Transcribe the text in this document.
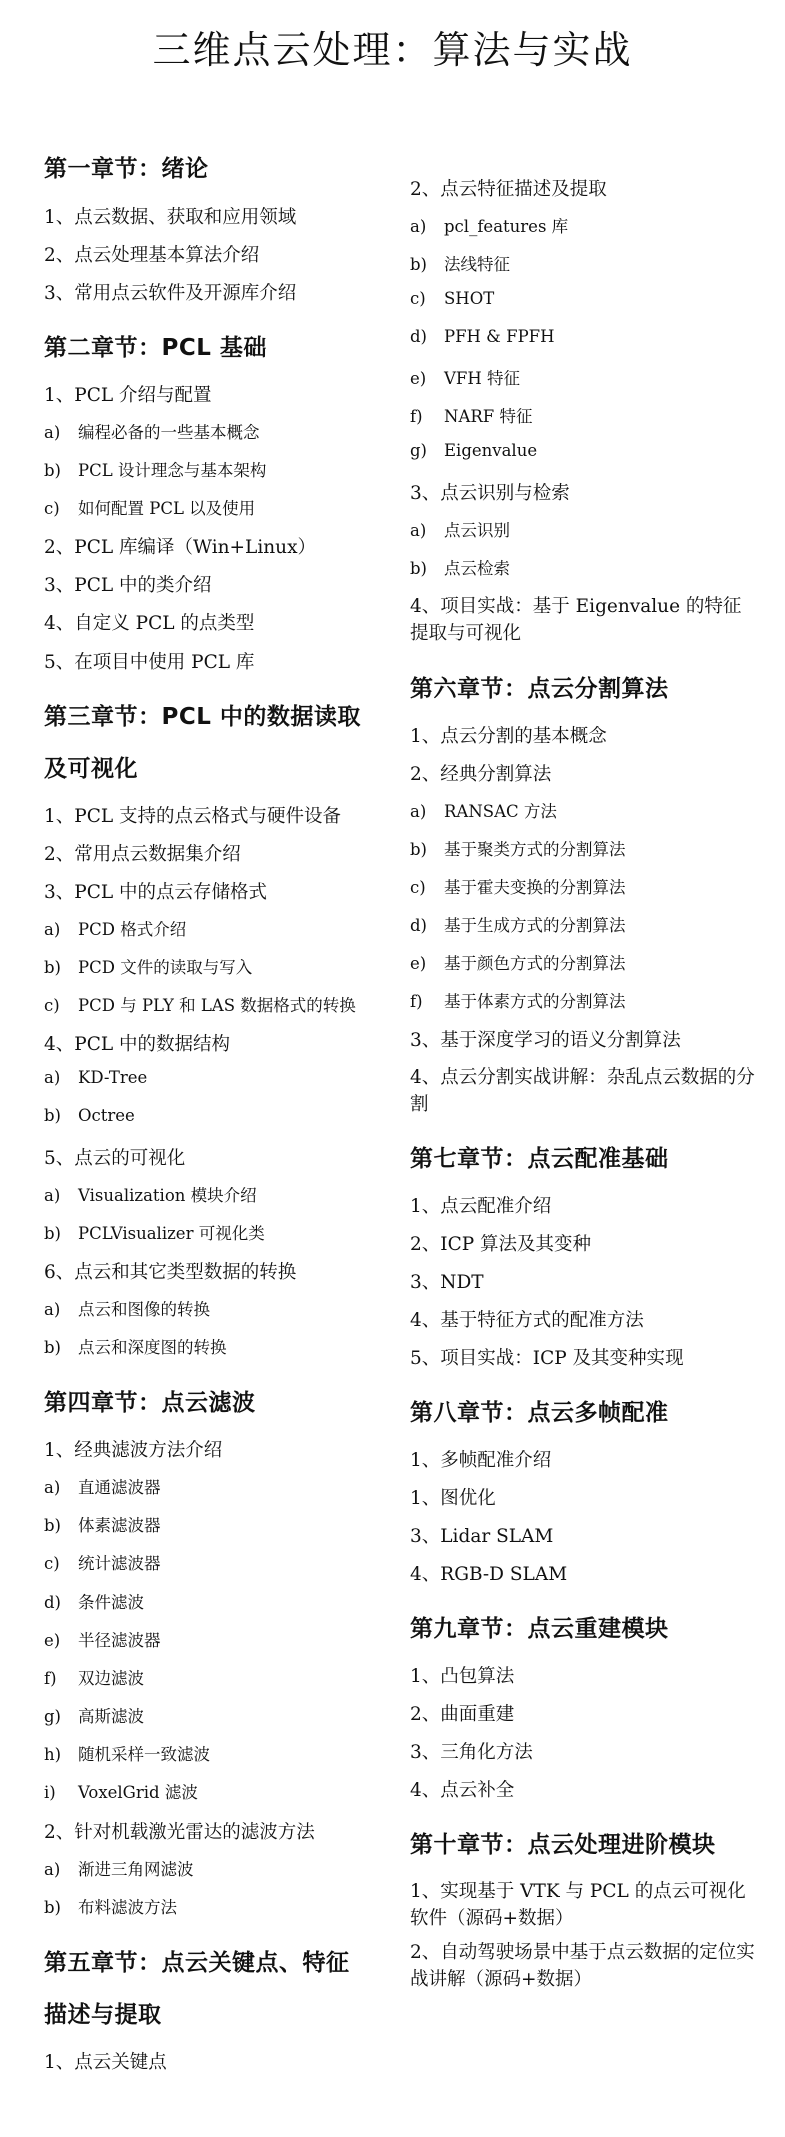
三维点云处理：算法与实战
第一章节：绪论
1、点云数据、获取和应用领域
2、点云处理基本算法介绍
3、常用点云软件及开源库介绍
第二章节：PCL 基础
1、PCL 介绍与配置
a) 编程必备的一些基本概念
b) PCL 设计理念与基本架构
c) 如何配置 PCL 以及使用
2、PCL 库编译（Win+Linux）
3、PCL 中的类介绍
4、自定义 PCL 的点类型
5、在项目中使用 PCL 库
第三章节：PCL 中的数据读取
及可视化
1、PCL 支持的点云格式与硬件设备
2、常用点云数据集介绍
3、PCL 中的点云存储格式
a) PCD 格式介绍
b) PCD 文件的读取与写入
c) PCD 与 PLY 和 LAS 数据格式的转换
4、PCL 中的数据结构
a) KD-Tree
b) Octree
5、点云的可视化
a) Visualization 模块介绍
b) PCLVisualizer 可视化类
6、点云和其它类型数据的转换
a) 点云和图像的转换
b) 点云和深度图的转换
第四章节：点云滤波
1、经典滤波方法介绍
a) 直通滤波器
b) 体素滤波器
c) 统计滤波器
d) 条件滤波
e) 半径滤波器
f) 双边滤波
g) 高斯滤波
h) 随机采样一致滤波
i) VoxelGrid 滤波
2、针对机载激光雷达的滤波方法
a) 渐进三角网滤波
b) 布料滤波方法
第五章节：点云关键点、特征
描述与提取
1、点云关键点
2、点云特征描述及提取
a) pcl_features 库
b) 法线特征
c) SHOT
d) PFH & FPFH
e) VFH 特征
f) NARF 特征
g) Eigenvalue
3、点云识别与检索
a) 点云识别
b) 点云检索
4、项目实战：基于 Eigenvalue 的特征提取与可视化
第六章节：点云分割算法
1、点云分割的基本概念
2、经典分割算法
a) RANSAC 方法
b) 基于聚类方式的分割算法
c) 基于霍夫变换的分割算法
d) 基于生成方式的分割算法
e) 基于颜色方式的分割算法
f) 基于体素方式的分割算法
3、基于深度学习的语义分割算法
4、点云分割实战讲解：杂乱点云数据的分割
第七章节：点云配准基础
1、点云配准介绍
2、ICP 算法及其变种
3、NDT
4、基于特征方式的配准方法
5、项目实战：ICP 及其变种实现
第八章节：点云多帧配准
1、多帧配准介绍
1、图优化
3、Lidar SLAM
4、RGB-D SLAM
第九章节：点云重建模块
1、凸包算法
2、曲面重建
3、三角化方法
4、点云补全
第十章节：点云处理进阶模块
1、实现基于 VTK 与 PCL 的点云可视化软件（源码+数据）
2、自动驾驶场景中基于点云数据的定位实战讲解（源码+数据）
